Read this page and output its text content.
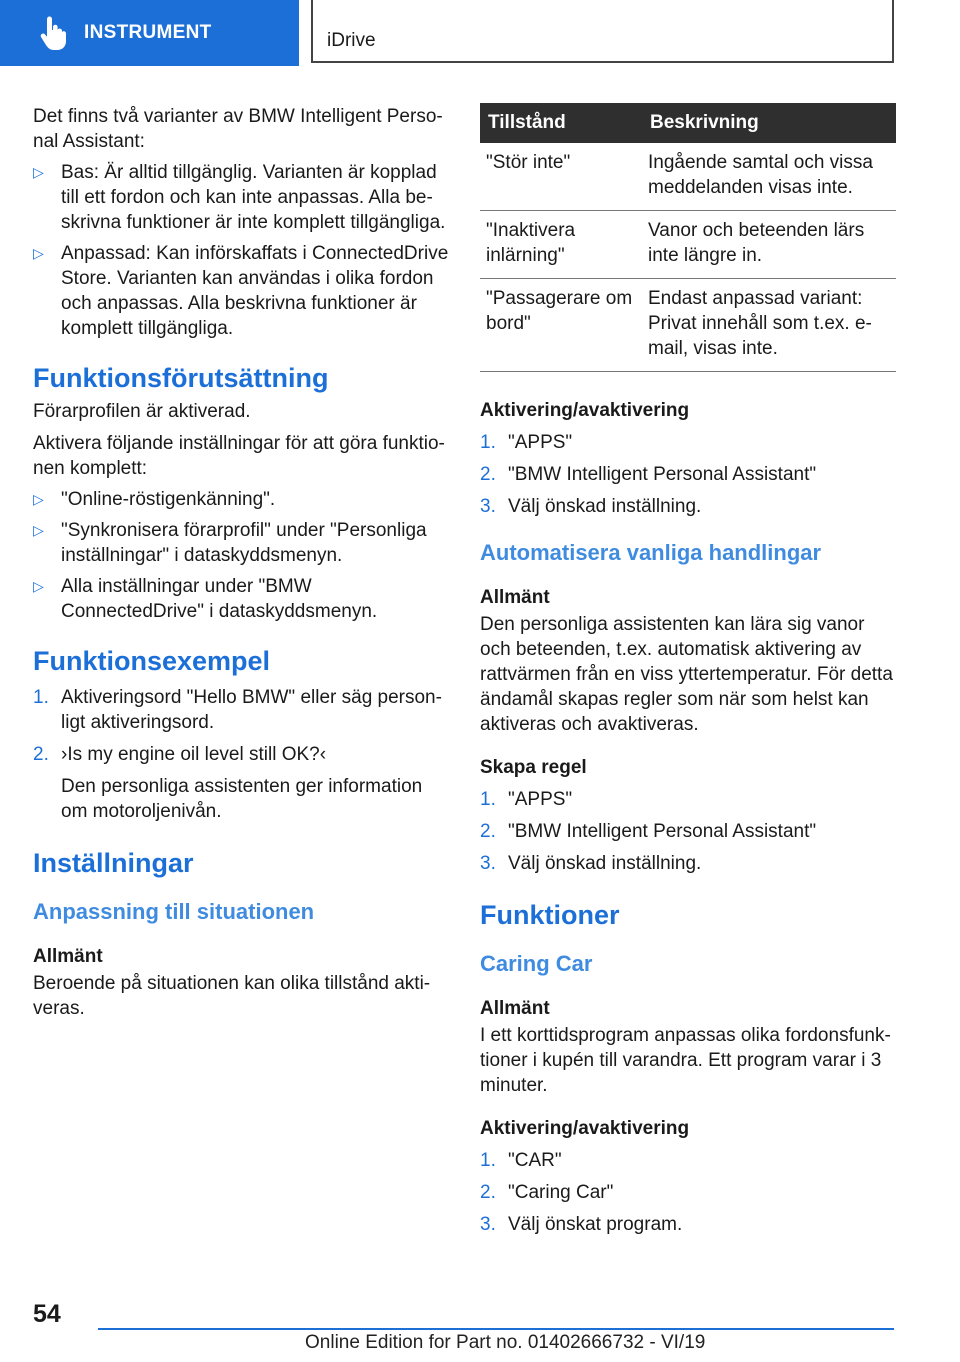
INSTRUMENT	iDrive

Det finns två varianter av BMW Intelligent Perso-nal Assistant:

▷ Bas: Är alltid tillgänglig. Varianten är kopplad till ett fordon och kan inte anpassas. Alla be-skrivna funktioner är inte komplett tillgängliga.
▷ Anpassad: Kan införskaffats i ConnectedDrive Store. Varianten kan användas i olika fordon och anpassas. Alla beskrivna funktioner är komplett tillgängliga.
Funktionsförutsättning

Förarprofilen är aktiverad.

Aktivera följande inställningar för att göra funktio-nen komplett:

▷ "Online-röstigenkänning".
▷ "Synkronisera förarprofil" under "Personliga inställningar" i dataskyddsmenyn.
▷ Alla inställningar under "BMW ConnectedDrive" i dataskyddsmenyn.
Funktionsexempel
1. Aktiveringsord "Hello BMW" eller säg person-ligt aktiveringsord.
2. ›Is my engine oil level still OK?‹
Den personliga assistenten ger information om motoroljenivån.
Inställningar
Anpassning till situationen
Allmänt

Beroende på situationen kan olika tillstånd akti-veras.

Tillstånd	Beskrivning
"Stör inte"	Ingående samtal och vissa meddelanden visas inte.
"Inaktivera inlärning"	Vanor och beteenden lärs inte längre in.
"Passagerare om bord"	Endast anpassad variant: Privat innehåll som t.ex. e-mail, visas inte.
Aktivering/avaktivering
1. "APPS"
2. "BMW Intelligent Personal Assistant"
3. Välj önskad inställning.
Automatisera vanliga handlingar
Allmänt

Den personliga assistenten kan lära sig vanor och beteenden, t.ex. automatisk aktivering av rattvärmen från en viss yttertemperatur. För detta ändamål skapas regler som när som helst kan aktiveras och avaktiveras.

Skapa regel
1. "APPS"
2. "BMW Intelligent Personal Assistant"
3. Välj önskad inställning.
Funktioner
Caring Car
Allmänt

I ett korttidsprogram anpassas olika fordonsfunk-tioner i kupén till varandra. Ett program varar i 3 minuter.

Aktivering/avaktivering
1. "CAR"
2. "Caring Car"
3. Välj önskat program.
54
Online Edition for Part no. 01402666732 - VI/19
